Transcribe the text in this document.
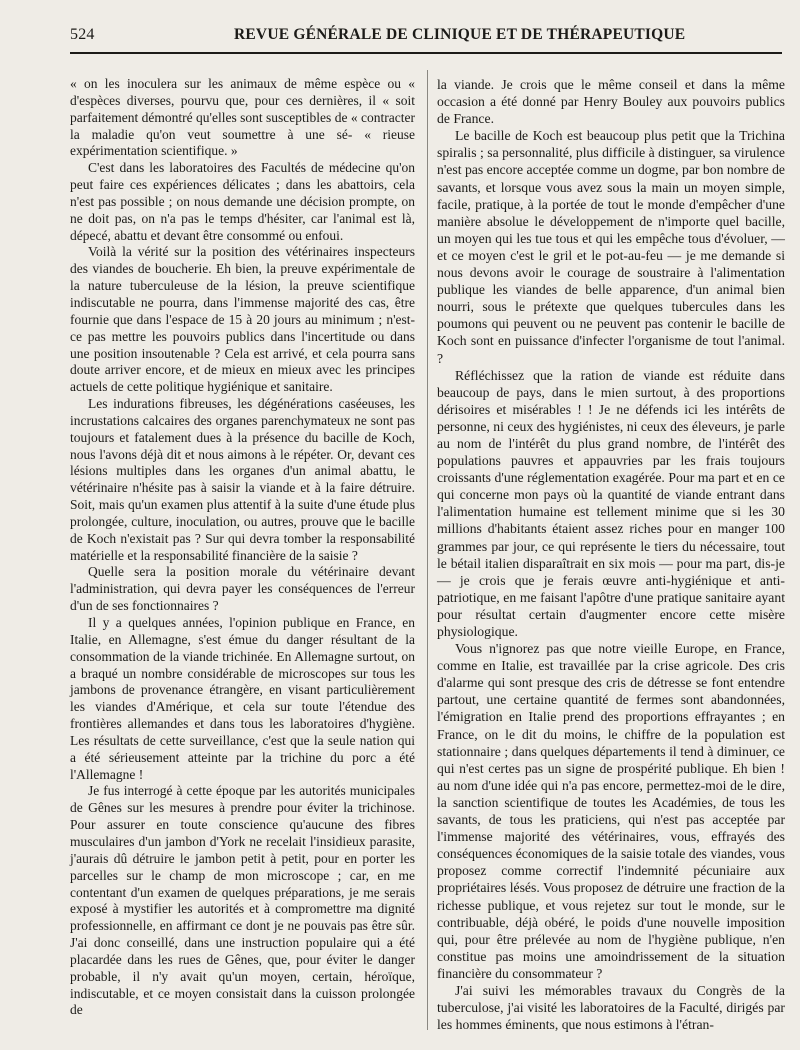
524	REVUE GÉNÉRALE DE CLINIQUE ET DE THÉRAPEUTIQUE

« on les inoculera sur les animaux de même espèce ou « d'espèces diverses, pourvu que, pour ces dernières, il « soit parfaitement démontré qu'elles sont susceptibles de « contracter la maladie qu'on veut soumettre à une sé- « rieuse expérimentation scientifique. »

C'est dans les laboratoires des Facultés de médecine qu'on peut faire ces expériences délicates ; dans les abattoirs, cela n'est pas possible ; on nous demande une décision prompte, on ne doit pas, on n'a pas le temps d'hésiter, car l'animal est là, dépecé, abattu et devant être consommé ou enfoui.

Voilà la vérité sur la position des vétérinaires inspecteurs des viandes de boucherie. Eh bien, la preuve expérimentale de la nature tuberculeuse de la lésion, la preuve scientifique indiscutable ne pourra, dans l'immense majorité des cas, être fournie que dans l'espace de 15 à 20 jours au minimum ; n'est-ce pas mettre les pouvoirs publics dans l'incertitude ou dans une position insoutenable ? Cela est arrivé, et cela pourra sans doute arriver encore, et de mieux en mieux avec les principes actuels de cette politique hygiénique et sanitaire.

Les indurations fibreuses, les dégénérations caséeuses, les incrustations calcaires des organes parenchymateux ne sont pas toujours et fatalement dues à la présence du bacille de Koch, nous l'avons déjà dit et nous aimons à le répéter. Or, devant ces lésions multiples dans les organes d'un animal abattu, le vétérinaire n'hésite pas à saisir la viande et à la faire détruire. Soit, mais qu'un examen plus attentif à la suite d'une étude plus prolongée, culture, inoculation, ou autres, prouve que le bacille de Koch n'existait pas ? Sur qui devra tomber la responsabilité matérielle et la responsabilité financière de la saisie ?

Quelle sera la position morale du vétérinaire devant l'administration, qui devra payer les conséquences de l'erreur d'un de ses fonctionnaires ?

Il y a quelques années, l'opinion publique en France, en Italie, en Allemagne, s'est émue du danger résultant de la consommation de la viande trichinée. En Allemagne surtout, on a braqué un nombre considérable de microscopes sur tous les jambons de provenance étrangère, en visant particulièrement les viandes d'Amérique, et cela sur toute l'étendue des frontières allemandes et dans tous les laboratoires d'hygiène. Les résultats de cette surveillance, c'est que la seule nation qui a été sérieusement atteinte par la trichine du porc a été l'Allemagne !

Je fus interrogé à cette époque par les autorités municipales de Gênes sur les mesures à prendre pour éviter la trichinose. Pour assurer en toute conscience qu'aucune des fibres musculaires d'un jambon d'York ne recelait l'insidieux parasite, j'aurais dû détruire le jambon petit à petit, pour en porter les parcelles sur le champ de mon microscope ; car, en me contentant d'un examen de quelques préparations, je me serais exposé à mystifier les autorités et à compromettre ma dignité professionnelle, en affirmant ce dont je ne pouvais pas être sûr. J'ai donc conseillé, dans une instruction populaire qui a été placardée dans les rues de Gênes, que, pour éviter le danger probable, il n'y avait qu'un moyen, certain, héroïque, indiscutable, et ce moyen consistait dans la cuisson prolongée de

la viande. Je crois que le même conseil et dans la même occasion a été donné par Henry Bouley aux pouvoirs publics de France.

Le bacille de Koch est beaucoup plus petit que la Trichina spiralis ; sa personnalité, plus difficile à distinguer, sa virulence n'est pas encore acceptée comme un dogme, par bon nombre de savants, et lorsque vous avez sous la main un moyen simple, facile, pratique, à la portée de tout le monde d'empêcher d'une manière absolue le développement de n'importe quel bacille, un moyen qui les tue tous et qui les empêche tous d'évoluer, — et ce moyen c'est le gril et le pot-au-feu — je me demande si nous devons avoir le courage de soustraire à l'alimentation publique les viandes de belle apparence, d'un animal bien nourri, sous le prétexte que quelques tubercules dans les poumons qui peuvent ou ne peuvent pas contenir le bacille de Koch sont en puissance d'infecter l'organisme de tout l'animal. ?

Réfléchissez que la ration de viande est réduite dans beaucoup de pays, dans le mien surtout, à des proportions dérisoires et misérables ! ! Je ne défends ici les intérêts de personne, ni ceux des hygiénistes, ni ceux des éleveurs, je parle au nom de l'intérêt du plus grand nombre, de l'intérêt des populations pauvres et appauvries par les frais toujours croissants d'une réglementation exagérée. Pour ma part et en ce qui concerne mon pays où la quantité de viande entrant dans l'alimentation humaine est tellement minime que si les 30 millions d'habitants étaient assez riches pour en manger 100 grammes par jour, ce qui représente le tiers du nécessaire, tout le bétail italien disparaîtrait en six mois — pour ma part, dis-je — je crois que je ferais œuvre anti-hygiénique et anti-patriotique, en me faisant l'apôtre d'une pratique sanitaire ayant pour résultat certain d'augmenter encore cette misère physiologique.

Vous n'ignorez pas que notre vieille Europe, en France, comme en Italie, est travaillée par la crise agricole. Des cris d'alarme qui sont presque des cris de détresse se font entendre partout, une certaine quantité de fermes sont abandonnées, l'émigration en Italie prend des proportions effrayantes ; en France, on le dit du moins, le chiffre de la population est stationnaire ; dans quelques départements il tend à diminuer, ce qui n'est certes pas un signe de prospérité publique. Eh bien ! au nom d'une idée qui n'a pas encore, permettez-moi de le dire, la sanction scientifique de toutes les Académies, de tous les savants, de tous les praticiens, qui n'est pas acceptée par l'immense majorité des vétérinaires, vous, effrayés des conséquences économiques de la saisie totale des viandes, vous proposez comme correctif l'indemnité pécuniaire aux propriétaires lésés. Vous proposez de détruire une fraction de la richesse publique, et vous rejetez sur tout le monde, sur le contribuable, déjà obéré, le poids d'une nouvelle imposition qui, pour être prélevée au nom de l'hygiène publique, n'en constitue pas moins une amoindrissement de la situation financière du consommateur ?

J'ai suivi les mémorables travaux du Congrès de la tuberculose, j'ai visité les laboratoires de la Faculté, dirigés par les hommes éminents, que nous estimons à l'étran-
